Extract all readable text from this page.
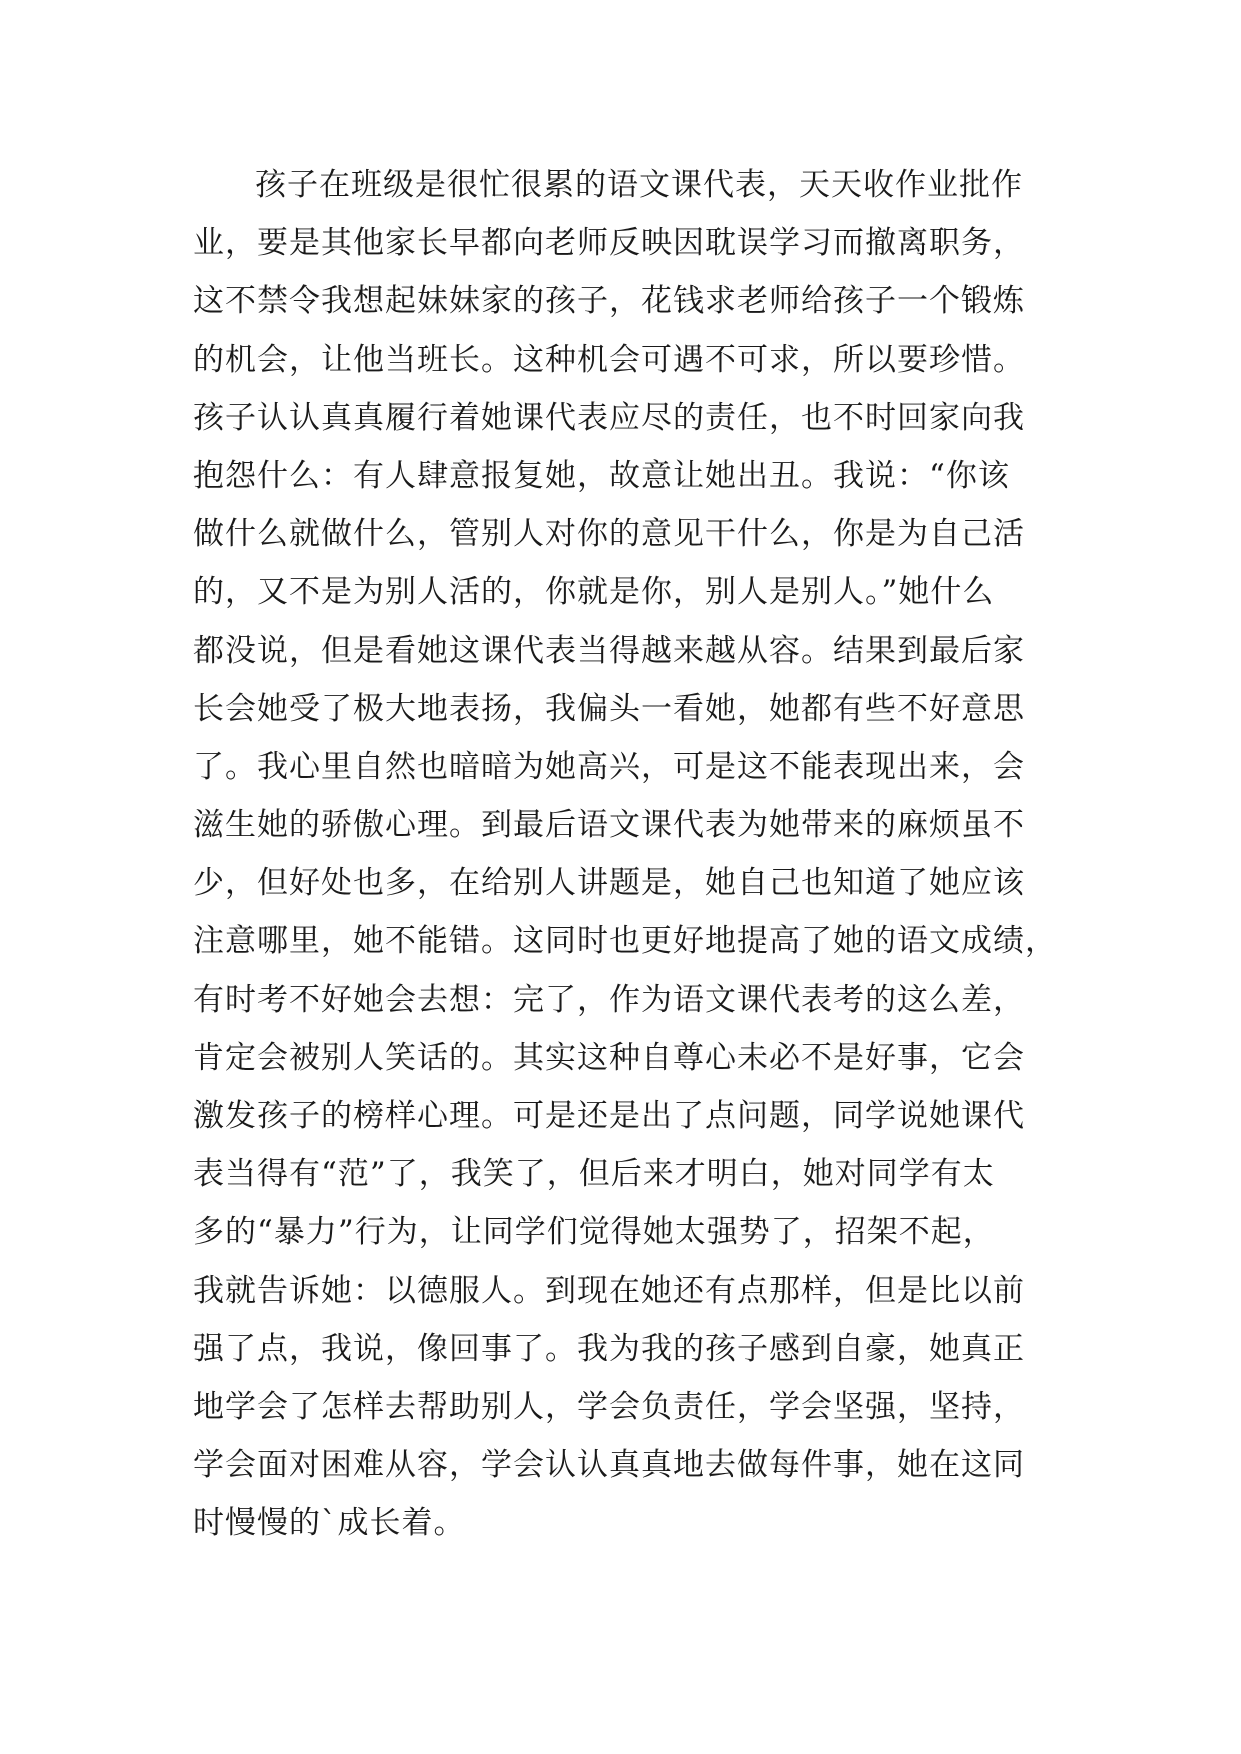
孩子在班级是很忙很累的语文课代表，天天收作业批作
业，要是其他家长早都向老师反映因耽误学习而撤离职务，
这不禁令我想起妹妹家的孩子，花钱求老师给孩子一个锻炼
的机会，让他当班长。这种机会可遇不可求，所以要珍惜。
孩子认认真真履行着她课代表应尽的责任，也不时回家向我
抱怨什么：有人肆意报复她，故意让她出丑。我说：“你该
做什么就做什么，管别人对你的意见干什么，你是为自己活
的，又不是为别人活的，你就是你，别人是别人。”她什么
都没说，但是看她这课代表当得越来越从容。结果到最后家
长会她受了极大地表扬，我偏头一看她，她都有些不好意思
了。我心里自然也暗暗为她高兴，可是这不能表现出来，会
滋生她的骄傲心理。到最后语文课代表为她带来的麻烦虽不
少，但好处也多，在给别人讲题是，她自己也知道了她应该
注意哪里，她不能错。这同时也更好地提高了她的语文成绩，
有时考不好她会去想：完了，作为语文课代表考的这么差，
肯定会被别人笑话的。其实这种自尊心未必不是好事，它会
激发孩子的榜样心理。可是还是出了点问题，同学说她课代
表当得有“范”了，我笑了，但后来才明白，她对同学有太
多的“暴力”行为，让同学们觉得她太强势了，招架不起，
我就告诉她：以德服人。到现在她还有点那样，但是比以前
强了点，我说，像回事了。我为我的孩子感到自豪，她真正
地学会了怎样去帮助别人，学会负责任，学会坚强，坚持，
学会面对困难从容，学会认认真真地去做每件事，她在这同
时慢慢的`成长着。
